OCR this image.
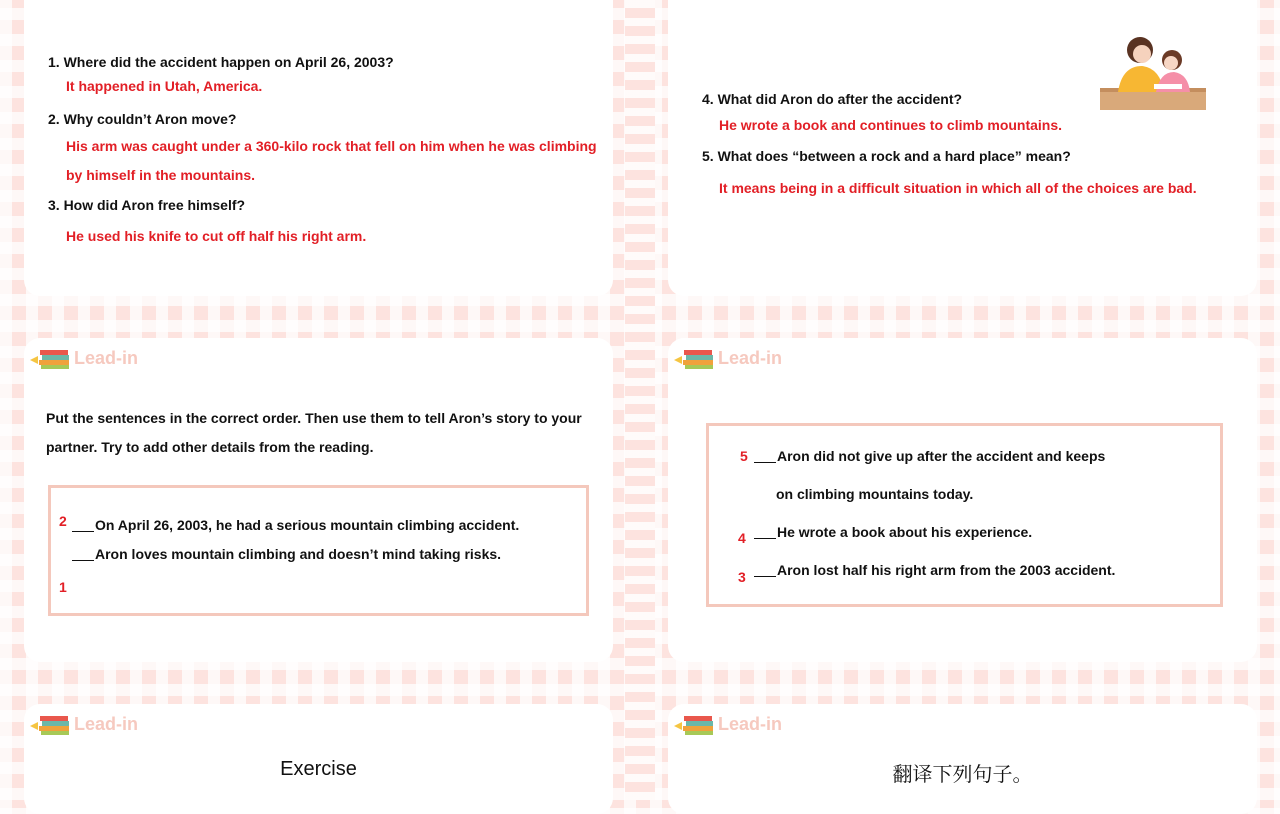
1. Where did the accident happen on April 26, 2003?
It happened in Utah, America.
2. Why couldn’t Aron move?
His arm was caught under a 360-kilo rock that fell on him when he was climbing
by himself in the mountains.
3. How did Aron free himself?
He used his knife to cut off half his right arm.
4. What did Aron do after the accident?
He wrote a book and continues to climb mountains.
5. What does “between a rock and a hard place” mean?
It means being in a difficult situation in which all of the choices are bad.
Lead-in
Put the sentences in the correct order. Then use them to tell Aron’s story to your
partner. Try to add other details from the reading.
2	On April 26, 2003, he had a serious mountain climbing accident.
Aron loves mountain climbing and doesn’t mind taking risks.
1
Lead-in
5	Aron did not give up after the accident and keeps
on climbing mountains today.
4	He wrote a book about his experience.
3	Aron lost half his right arm from the 2003 accident.
Lead-in
Exercise
Lead-in
翻译下列句子。
